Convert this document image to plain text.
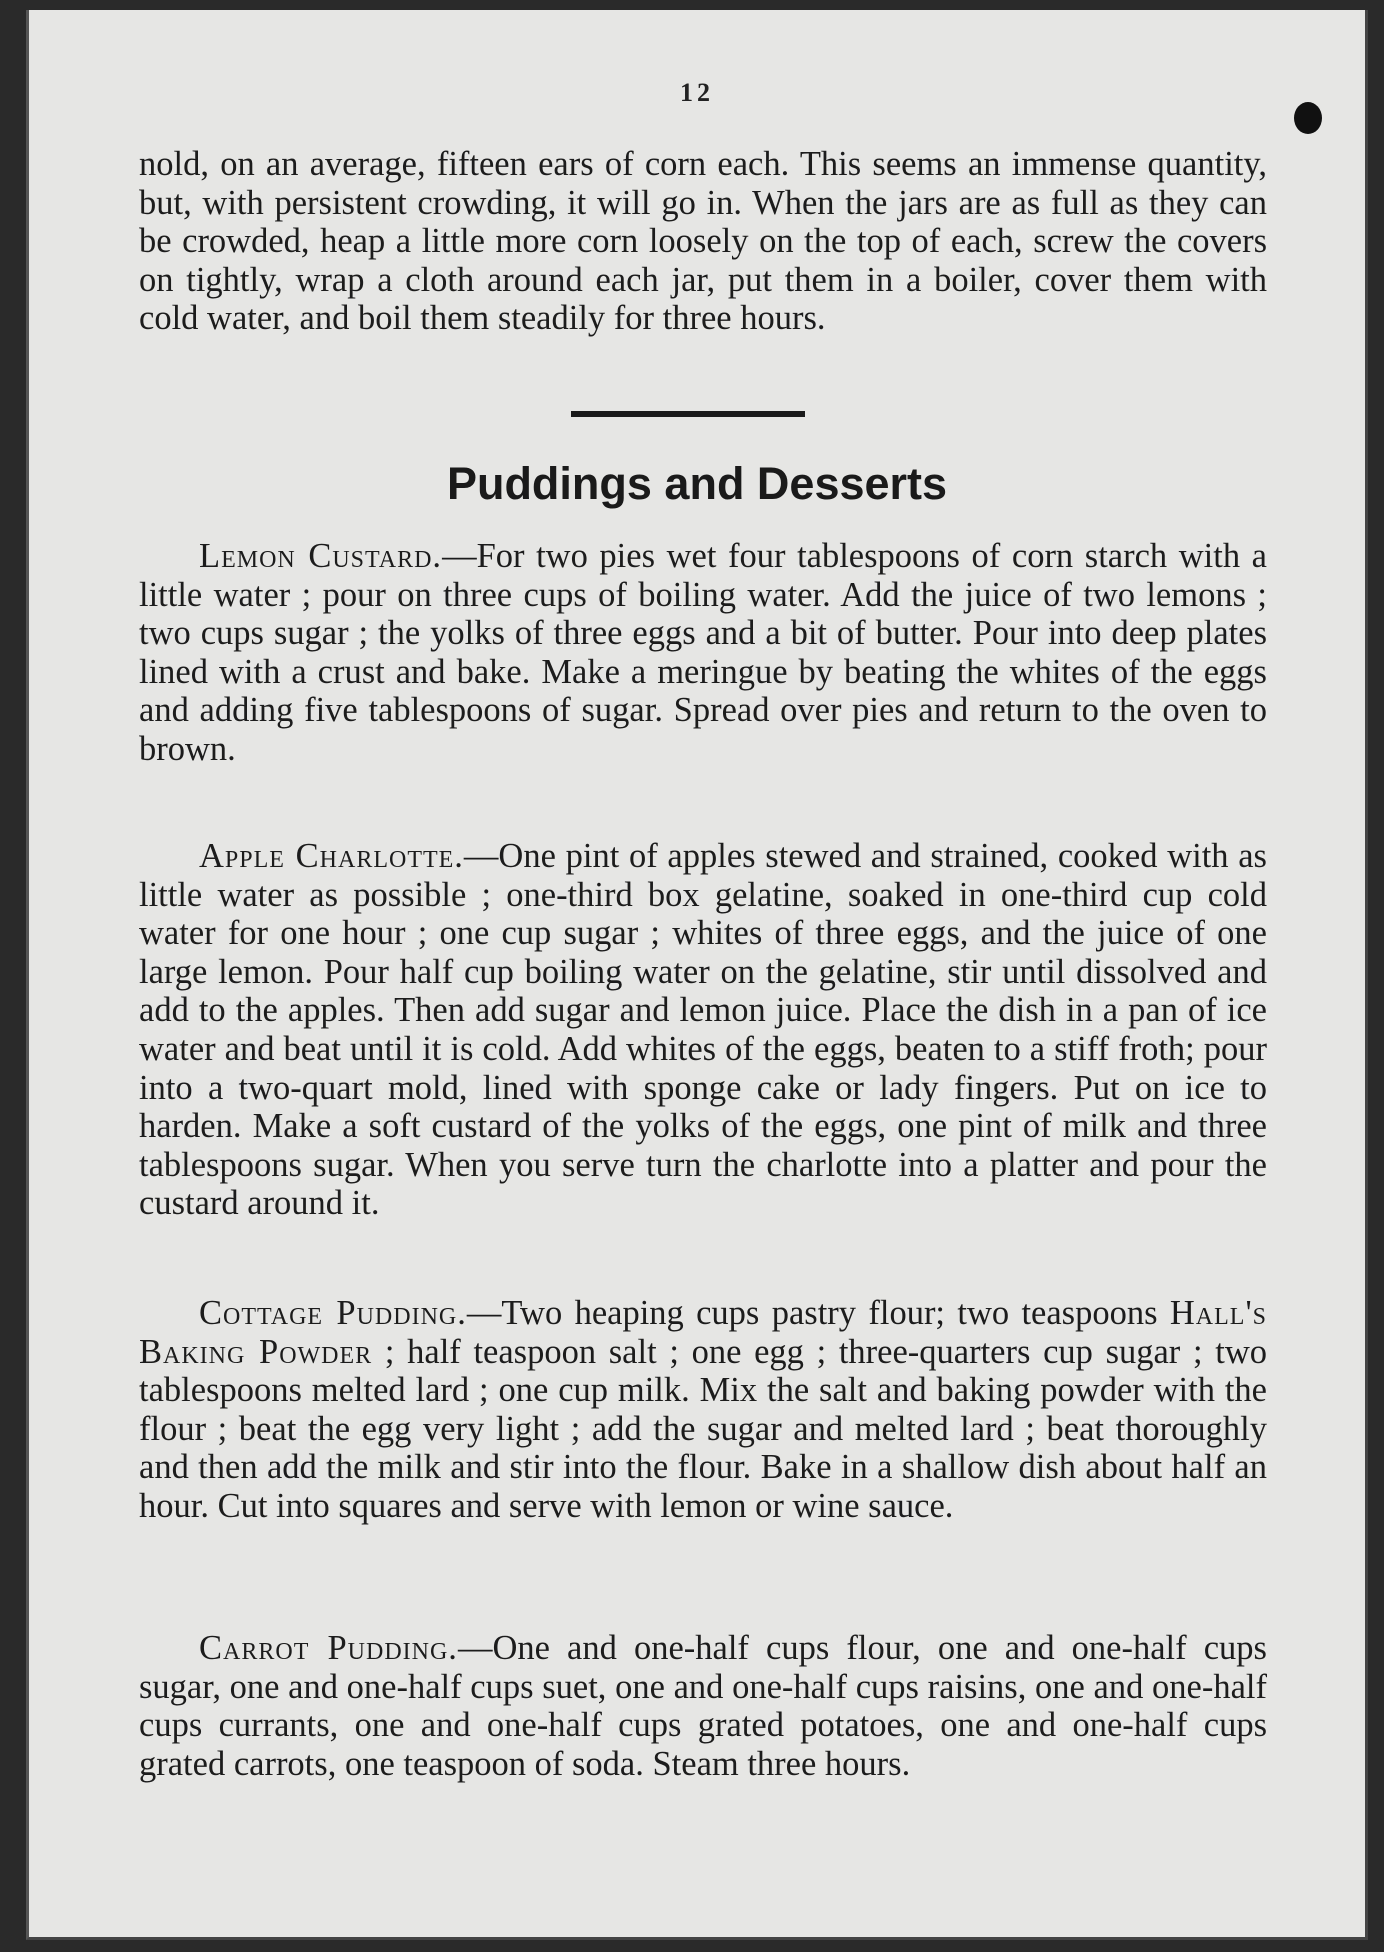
12

nold, on an average, fifteen ears of corn each. This seems an immense quantity, but, with persistent crowding, it will go in. When the jars are as full as they can be crowded, heap a little more corn loosely on the top of each, screw the covers on tightly, wrap a cloth around each jar, put them in a boiler, cover them with cold water, and boil them steadily for three hours.

Puddings and Desserts

Lemon Custard.—For two pies wet four tablespoons of corn starch with a little water ; pour on three cups of boiling water. Add the juice of two lemons ; two cups sugar ; the yolks of three eggs and a bit of butter. Pour into deep plates lined with a crust and bake. Make a meringue by beating the whites of the eggs and adding five tablespoons of sugar. Spread over pies and return to the oven to brown.

Apple Charlotte.—One pint of apples stewed and strained, cooked with as little water as possible ; one-third box gelatine, soaked in one-third cup cold water for one hour ; one cup sugar ; whites of three eggs, and the juice of one large lemon. Pour half cup boiling water on the gelatine, stir until dissolved and add to the apples. Then add sugar and lemon juice. Place the dish in a pan of ice water and beat until it is cold. Add whites of the eggs, beaten to a stiff froth; pour into a two-quart mold, lined with sponge cake or lady fingers. Put on ice to harden. Make a soft custard of the yolks of the eggs, one pint of milk and three tablespoons sugar. When you serve turn the charlotte into a platter and pour the custard around it.

Cottage Pudding.—Two heaping cups pastry flour; two teaspoons Hall's Baking Powder ; half teaspoon salt ; one egg ; three-quarters cup sugar ; two tablespoons melted lard ; one cup milk. Mix the salt and baking powder with the flour ; beat the egg very light ; add the sugar and melted lard ; beat thoroughly and then add the milk and stir into the flour. Bake in a shallow dish about half an hour. Cut into squares and serve with lemon or wine sauce.

Carrot Pudding.—One and one-half cups flour, one and one-half cups sugar, one and one-half cups suet, one and one-half cups raisins, one and one-half cups currants, one and one-half cups grated potatoes, one and one-half cups grated carrots, one teaspoon of soda. Steam three hours.
